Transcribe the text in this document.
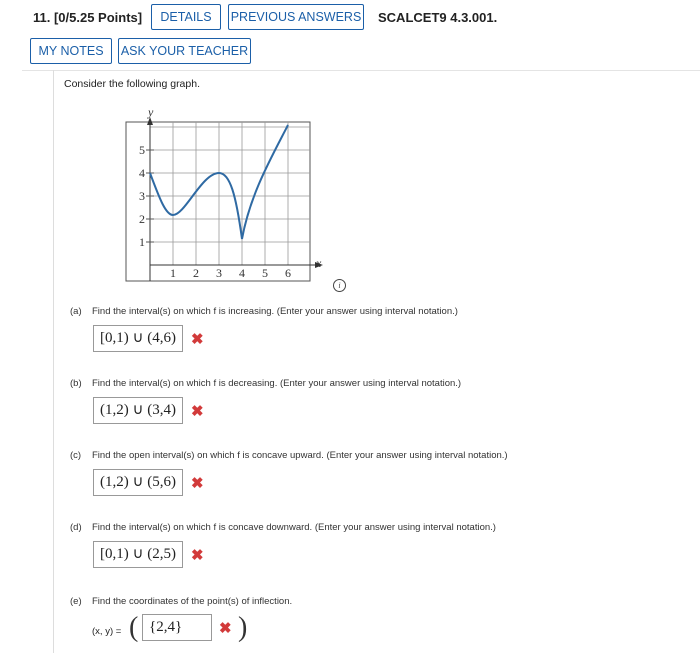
11. [0/5.25 Points]	DETAILS	PREVIOUS ANSWERS SCALCET9 4.3.001.
MY NOTES	ASK YOUR TEACHER
Consider the following graph.
y
x
1 2 3 4 5 6
1
2
3
4
5
i
(a) Find the interval(s) on which f is increasing. (Enter your answer using interval notation.)
[0,1) ∪ (4,6)	✖
(b) Find the interval(s) on which f is decreasing. (Enter your answer using interval notation.)
(1,2) ∪ (3,4)	✖
(c) Find the open interval(s) on which f is concave upward. (Enter your answer using interval notation.)
(1,2) ∪ (5,6)	✖
(d) Find the interval(s) on which f is concave downward. (Enter your answer using interval notation.)
[0,1) ∪ (2,5)	✖
(e) Find the coordinates of the point(s) of inflection.
(x, y) = ( {2,4}	✖ )
